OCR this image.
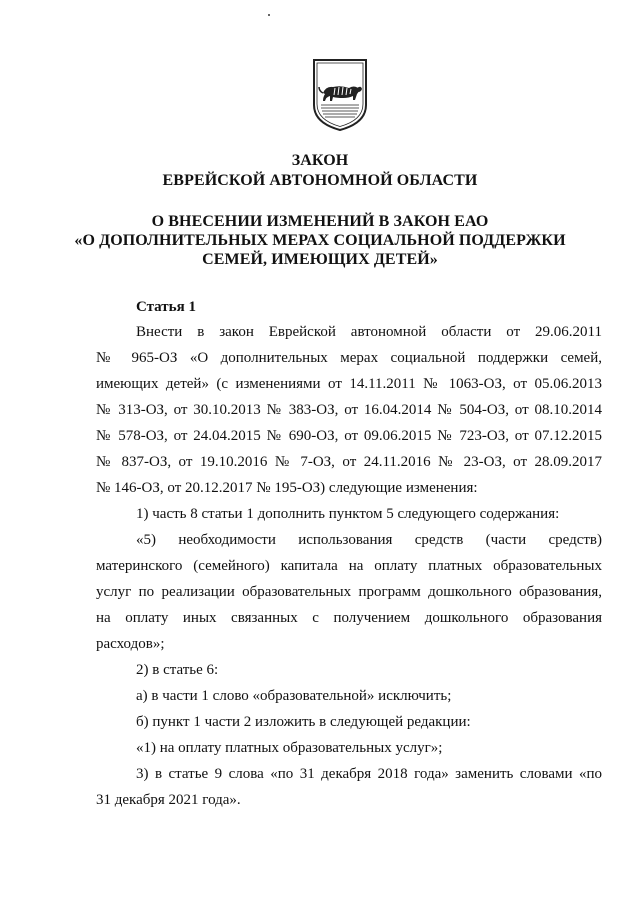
ЗАКОН
ЕВРЕЙСКОЙ АВТОНОМНОЙ ОБЛАСТИ
О ВНЕСЕНИИ ИЗМЕНЕНИЙ В ЗАКОН ЕАО
«О ДОПОЛНИТЕЛЬНЫХ МЕРАХ СОЦИАЛЬНОЙ ПОДДЕРЖКИ
СЕМЕЙ, ИМЕЮЩИХ ДЕТЕЙ»
Статья 1
Внести в закон Еврейской автономной области от 29.06.2011
№ 965-ОЗ «О дополнительных мерах социальной поддержки семей,
имеющих детей» (с изменениями от 14.11.2011 № 1063-ОЗ, от 05.06.2013
№ 313-ОЗ, от 30.10.2013 № 383-ОЗ, от 16.04.2014 № 504-ОЗ, от 08.10.2014
№ 578-ОЗ, от 24.04.2015 № 690-ОЗ, от 09.06.2015 № 723-ОЗ, от 07.12.2015
№ 837-ОЗ, от 19.10.2016 № 7-ОЗ, от 24.11.2016 № 23-ОЗ, от 28.09.2017
№ 146-ОЗ, от 20.12.2017 № 195-ОЗ) следующие изменения:
1) часть 8 статьи 1 дополнить пунктом 5 следующего содержания:
«5) необходимости использования средств (части средств)
материнского (семейного) капитала на оплату платных образовательных
услуг по реализации образовательных программ дошкольного образования,
на оплату иных связанных с получением дошкольного образования
расходов»;
2) в статье 6:
а) в части 1 слово «образовательной» исключить;
б) пункт 1 части 2 изложить в следующей редакции:
«1) на оплату платных образовательных услуг»;
3) в статье 9 слова «по 31 декабря 2018 года» заменить словами «по
31 декабря 2021 года».
